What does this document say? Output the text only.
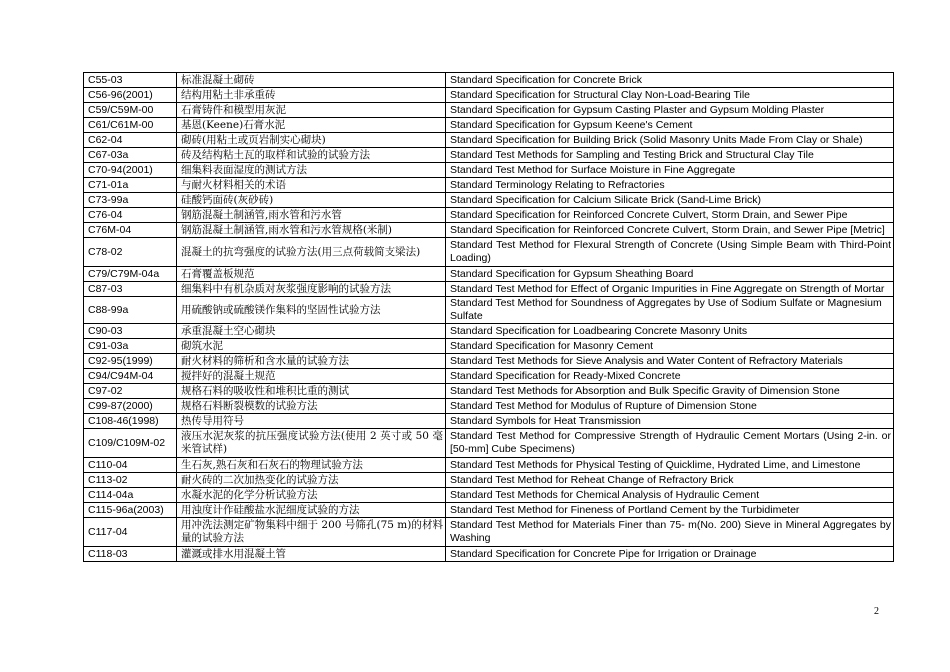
C55-03	标准混凝土砌砖	Standard Specification for Concrete Brick
C56-96(2001)	结构用粘土非承重砖	Standard Specification for Structural Clay Non-Load-Bearing Tile
C59/C59M-00	石膏铸件和模型用灰泥	Standard Specification for Gypsum Casting Plaster and Gypsum Molding Plaster
C61/C61M-00	基恩(Keene)石膏水泥	Standard Specification for Gypsum Keene's Cement
C62-04	砌砖(用粘土或页岩制实心砌块)	Standard Specification for Building Brick (Solid Masonry Units Made From Clay or Shale)
C67-03a	砖及结构粘土瓦的取样和试验的试验方法	Standard Test Methods for Sampling and Testing Brick and Structural Clay Tile
C70-94(2001)	细集料表面湿度的测试方法	Standard Test Method for Surface Moisture in Fine Aggregate
C71-01a	与耐火材料相关的术语	Standard Terminology Relating to Refractories
C73-99a	硅酸钙面砖(灰砂砖)	Standard Specification for Calcium Silicate Brick (Sand-Lime Brick)
C76-04	钢筋混凝土制涵管,雨水管和污水管	Standard Specification for Reinforced Concrete Culvert, Storm Drain, and Sewer Pipe
C76M-04	钢筋混凝土制涵管,雨水管和污水管规格(米制)	Standard Specification for Reinforced Concrete Culvert, Storm Drain, and Sewer Pipe [Metric]
C78-02	混凝土的抗弯强度的试验方法(用三点荷载简支梁法)	Standard Test Method for Flexural Strength of Concrete (Using Simple Beam with Third-Point Loading)
C79/C79M-04a	石膏覆盖板规范	Standard Specification for Gypsum Sheathing Board
C87-03	细集料中有机杂质对灰浆强度影响的试验方法	Standard Test Method for Effect of Organic Impurities in Fine Aggregate on Strength of Mortar
C88-99a	用硫酸钠或硫酸镁作集料的坚固性试验方法	Standard Test Method for Soundness of Aggregates by Use of Sodium Sulfate or Magnesium Sulfate
C90-03	承重混凝土空心砌块	Standard Specification for Loadbearing Concrete Masonry Units
C91-03a	砌筑水泥	Standard Specification for Masonry Cement
C92-95(1999)	耐火材料的筛析和含水量的试验方法	Standard Test Methods for Sieve Analysis and Water Content of Refractory Materials
C94/C94M-04	搅拌好的混凝土规范	Standard Specification for Ready-Mixed Concrete
C97-02	规格石料的吸收性和堆积比重的测试	Standard Test Methods for Absorption and Bulk Specific Gravity of Dimension Stone
C99-87(2000)	规格石料断裂模数的试验方法	Standard Test Method for Modulus of Rupture of Dimension Stone
C108-46(1998)	热传导用符号	Standard Symbols for Heat Transmission
C109/C109M-02	液压水泥灰浆的抗压强度试验方法(使用 2 英寸或 50 毫米管试样)	Standard Test Method for Compressive Strength of Hydraulic Cement Mortars (Using 2-in. or [50-mm] Cube Specimens)
C110-04	生石灰,熟石灰和石灰石的物理试验方法	Standard Test Methods for Physical Testing of Quicklime, Hydrated Lime, and Limestone
C113-02	耐火砖的二次加热变化的试验方法	Standard Test Method for Reheat Change of Refractory Brick
C114-04a	水凝水泥的化学分析试验方法	Standard Test Methods for Chemical Analysis of Hydraulic Cement
C115-96a(2003)	用浊度计作硅酸盐水泥细度试验的方法	Standard Test Method for Fineness of Portland Cement by the Turbidimeter
C117-04	用冲洗法测定矿物集料中细于 200 号筛孔(75 m)的材料量的试验方法	Standard Test Method for Materials Finer than 75- m(No. 200) Sieve in Mineral Aggregates by Washing
C118-03	灌溉或排水用混凝土管	Standard Specification for Concrete Pipe for Irrigation or Drainage
2
